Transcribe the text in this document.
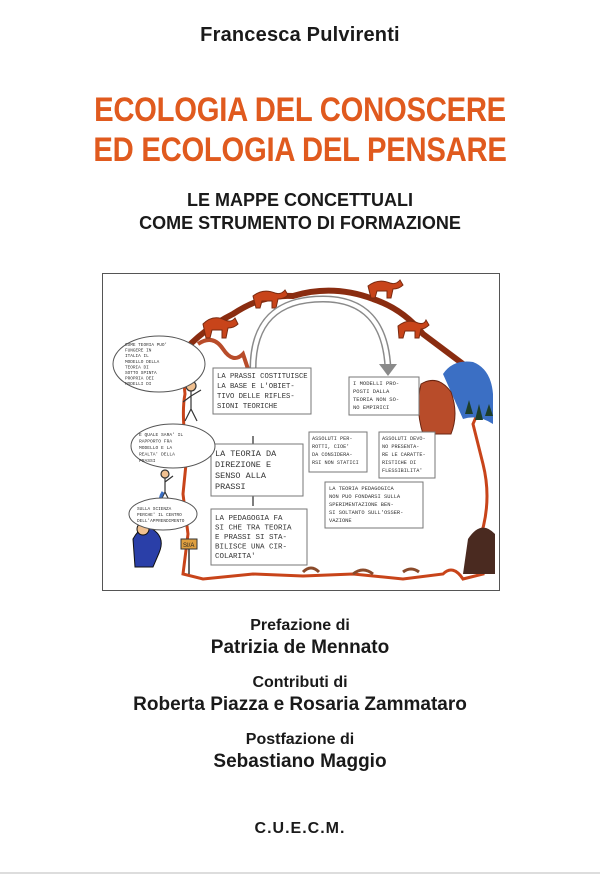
Francesca Pulvirenti
ECOLOGIA DEL CONOSCERE
ED ECOLOGIA DEL PENSARE
LE MAPPE CONCETTUALI
COME STRUMENTO DI FORMAZIONE
SI/A
LA PRASSI COSTITUISCE
LA BASE E L'OBIET-
TIVO DELLE RIFLES-
SIONI TEORICHE
LA TEORIA DA
DIREZIONE E
SENSO ALLA
PRASSI
LA PEDAGOGIA FA
SI CHE TRA TEORIA
E PRASSI SI STA-
BILISCE UNA CIR-
COLARITA'
I MODELLI PRO-
POSTI DALLA
TEORIA NON SO-
NO EMPIRICI
ASSOLUTI PER-
ROTTI, CIOE'
DA CONSIDERA-
RSI NON STATICI
ASSOLUTI DEVO-
NO PRESENTA-
RE LE CARATTE-
RISTICHE DI
FLESSIBILITA'
LA TEORIA PEDAGOGICA
NON PUO FONDARSI SULLA
SPERIMENTAZIONE BEN-
SI SOLTANTO SULL'OSSER-
VAZIONE
COME TEORIA PUO'
FUNGERE IN
ITALIA IL
MODELLO DELLA
TEORIA DI
SOTTO SPINTA
PROPRIA DEI
MODELLI DI
E QUALE SARA' IL
RAPPORTO FRA
MODELLO E LA
REALTA' DELLA
PRASSI
SULLA SCIENZA
PERCHE' IL CENTRO
DELL'APPRENDIMENTO
Prefazione di
Patrizia de Mennato
Contributi di
Roberta Piazza e Rosaria Zammataro
Postfazione di
Sebastiano Maggio
C.U.E.C.M.
